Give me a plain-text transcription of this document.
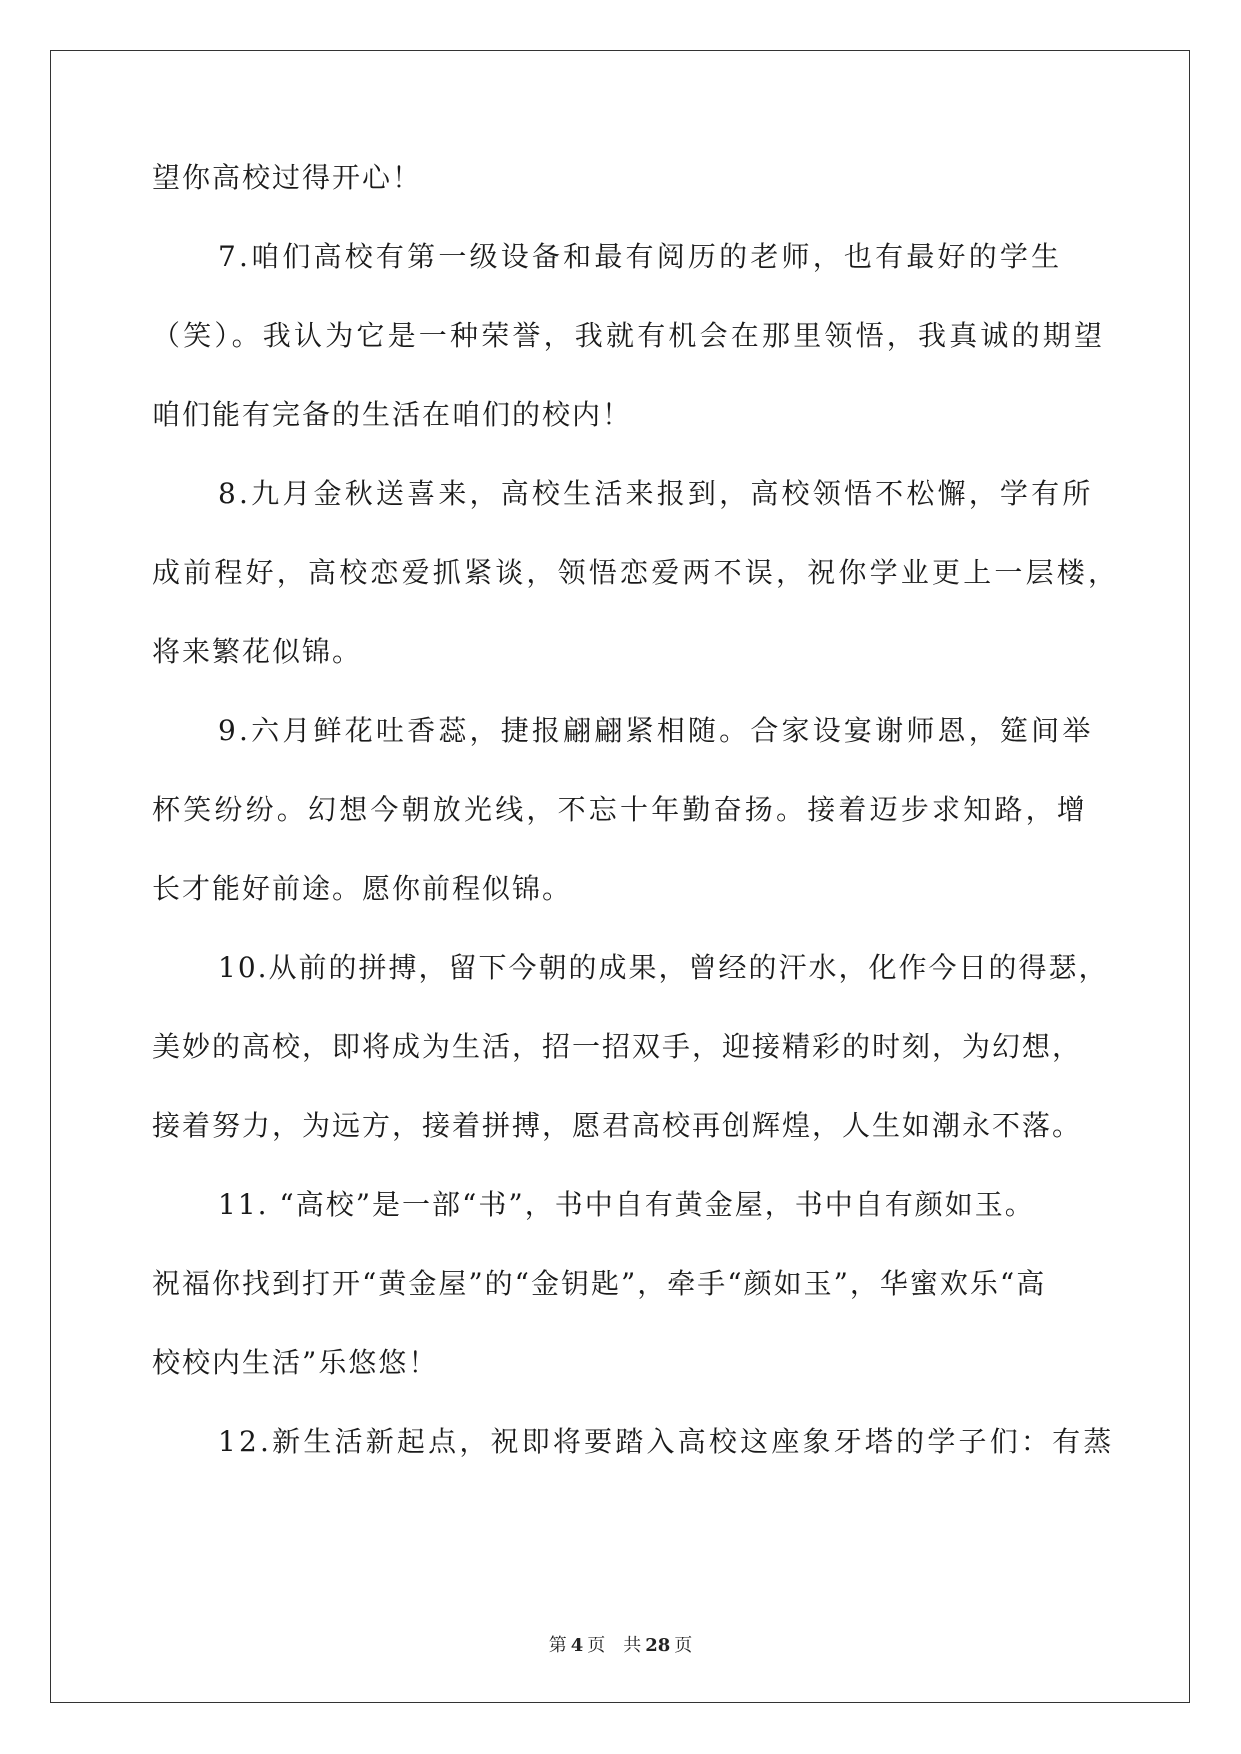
望你高校过得开心！
7.咱们高校有第一级设备和最有阅历的老师，也有最好的学生
（笑）。我认为它是一种荣誉，我就有机会在那里领悟，我真诚的期望
咱们能有完备的生活在咱们的校内！
8.九月金秋送喜来，高校生活来报到，高校领悟不松懈，学有所
成前程好，高校恋爱抓紧谈，领悟恋爱两不误，祝你学业更上一层楼，
将来繁花似锦。
9.六月鲜花吐香蕊，捷报翩翩紧相随。合家设宴谢师恩，筵间举
杯笑纷纷。幻想今朝放光线，不忘十年勤奋扬。接着迈步求知路，增
长才能好前途。愿你前程似锦。
10.从前的拼搏，留下今朝的成果，曾经的汗水，化作今日的得瑟，
美妙的高校，即将成为生活，招一招双手，迎接精彩的时刻，为幻想，
接着努力，为远方，接着拼搏，愿君高校再创辉煌，人生如潮永不落。
11. “高校”是一部“书”，书中自有黄金屋，书中自有颜如玉。
祝福你找到打开“黄金屋”的“金钥匙”，牵手“颜如玉”，华蜜欢乐“高
校校内生活”乐悠悠！
12.新生活新起点，祝即将要踏入高校这座象牙塔的学子们：有蒸
第 4 页 共 28 页
